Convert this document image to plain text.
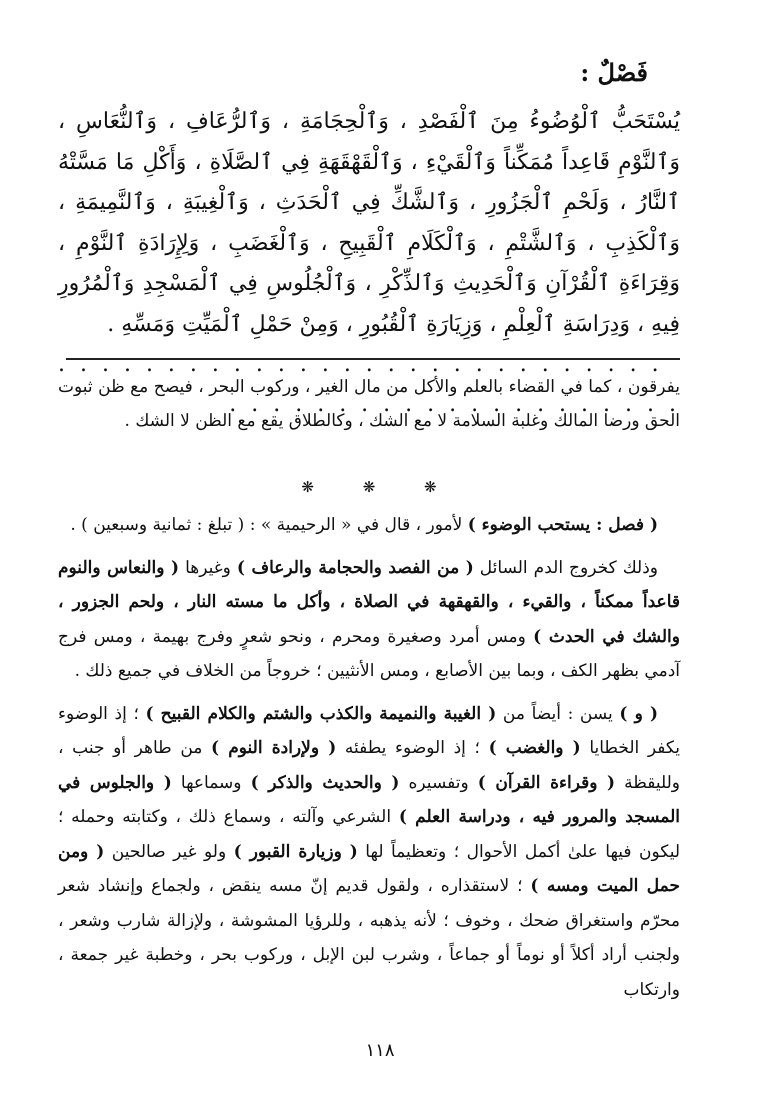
فَصْلٌ :
يُسْتَحَبُّ ٱلْوُضُوءُ مِنَ ٱلْفَصْدِ ، وَٱلْحِجَامَةِ ، وَٱلرُّعَافِ ، وَٱلنُّعَاسِ ، وَٱلنَّوْمِ قَاعِداً مُمَكِّناً وَٱلْقَيْءِ ، وَٱلْقَهْقَهَةِ فِي ٱلصَّلَاةِ ، وَأَكْلِ مَا مَسَّتْهُ ٱلنَّارُ ، وَلَحْمِ ٱلْجَزُورِ ، وَٱلشَّكِّ فِي ٱلْحَدَثِ ، وَٱلْغِيبَةِ ، وَٱلنَّمِيمَةِ ، وَٱلْكَذِبِ ، وَٱلشَّتْمِ ، وَٱلْكَلَامِ ٱلْقَبِيحِ ، وَٱلْغَضَبِ ، وَلِإِرَادَةِ ٱلنَّوْمِ ، وَقِرَاءَةِ ٱلْقُرْآنِ وَٱلْحَدِيثِ وَٱلذِّكْرِ ، وَٱلْجُلُوسِ فِي ٱلْمَسْجِدِ وَٱلْمُرُورِ فِيهِ ، وَدِرَاسَةِ ٱلْعِلْمِ ، وَزِيَارَةِ ٱلْقُبُورِ ، وَمِنْ حَمْلِ ٱلْمَيِّتِ وَمَسِّهِ .
. . . . . . . . . . . . . . . . . . . . . . . . . . . . . . . . . . . . . . . . . . . . . . . . .
يفرقون ، كما في القضاء بالعلم والأكل من مال الغير ، وركوب البحر ، فيصح مع ظن ثبوت الحق ورضا المالك وغلبة السلامة لا مع الشك ، وكالطلاق يقع مع الظن لا الشك .
❋ ❋ ❋

( فصل : يستحب الوضوء ) لأمور ، قال في « الرحيمية » : ( تبلغ : ثمانية وسبعين ) .

وذلك كخروج الدم السائل ( من الفصد والحجامة والرعاف ) وغيرها ( والنعاس والنوم قاعداً ممكناً ، والقيء ، والقهقهة في الصلاة ، وأكل ما مسته النار ، ولحم الجزور ، والشك في الحدث ) ومس أمرد وصغيرة ومحرم ، ونحو شعرٍ وفرج بهيمة ، ومس فرج آدمي بظهر الكف ، وبما بين الأصابع ، ومس الأنثيين ؛ خروجاً من الخلاف في جميع ذلك .

( و ) يسن : أيضاً من ( الغيبة والنميمة والكذب والشتم والكلام القبيح ) ؛ إذ الوضوء يكفر الخطايا ( والغضب ) ؛ إذ الوضوء يطفئه ( ولإرادة النوم ) من طاهر أو جنب ، ولليقظة ( وقراءة القرآن ) وتفسيره ( والحديث والذكر ) وسماعها ( والجلوس في المسجد والمرور فيه ، ودراسة العلم ) الشرعي وآلته ، وسماع ذلك ، وكتابته وحمله ؛ ليكون فيها علىٰ أكمل الأحوال ؛ وتعظيماً لها ( وزيارة القبور ) ولو غير صالحين ( ومن حمل الميت ومسه ) ؛ لاستقذاره ، ولقول قديم إنّ مسه ينقض ، ولجماع وإنشاد شعر محرّم واستغراق ضحك ، وخوف ؛ لأنه يذهبه ، وللرؤيا المشوشة ، ولإزالة شارب وشعر ، ولجنب أراد أكلاً أو نوماً أو جماعاً ، وشرب لبن الإبل ، وركوب بحر ، وخطبة غير جمعة ، وارتكاب

١١٨
